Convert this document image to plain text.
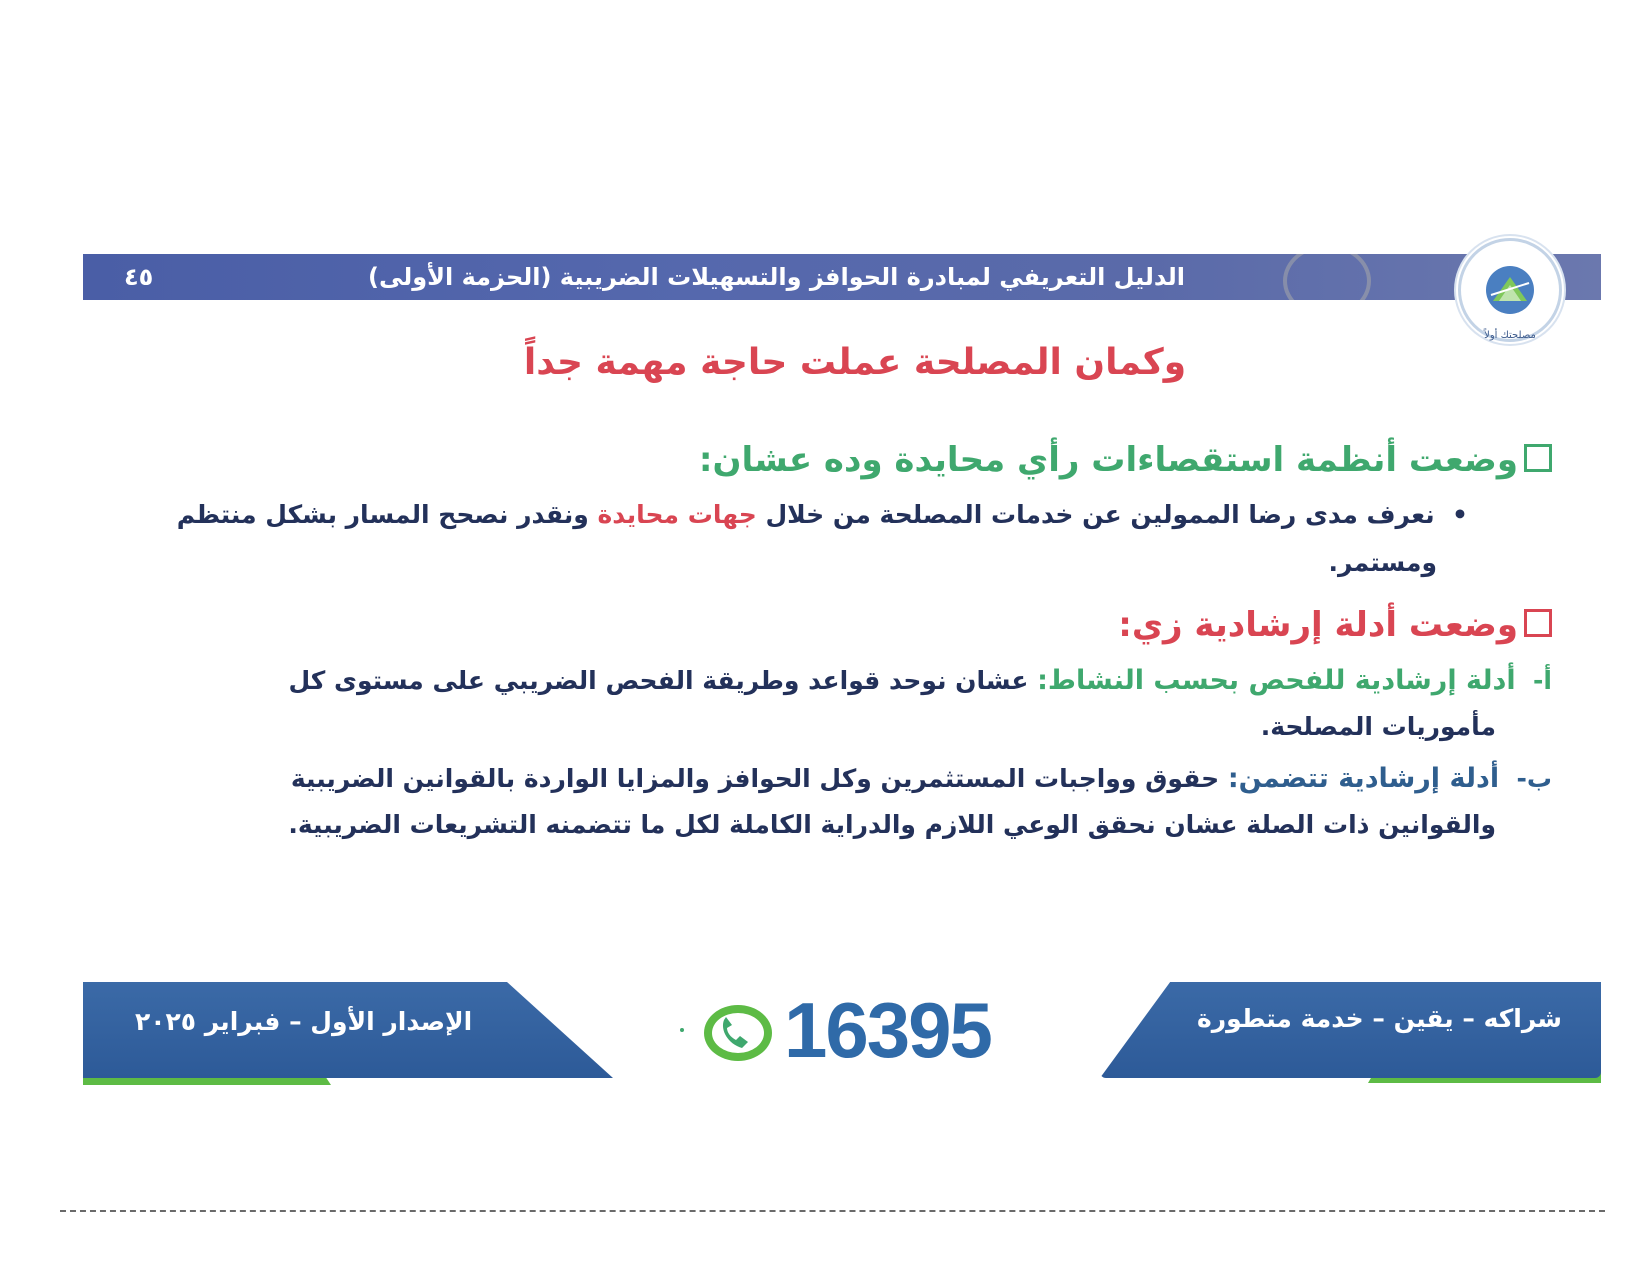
الدليل التعريفي لمبادرة الحوافز والتسهيلات الضريبية (الحزمة الأولى)
٤٥
مصلحتك أولاً
وكمان المصلحة عملت حاجة مهمة جداً
وضعت أنظمة استقصاءات رأي محايدة وده عشان:
•  نعرف مدى رضا الممولين عن خدمات المصلحة من خلال جهات محايدة ونقدر نصحح المسار بشكل منتظم
ومستمر.
وضعت أدلة إرشادية زي:
أ-  أدلة إرشادية للفحص بحسب النشاط: عشان نوحد قواعد وطريقة الفحص الضريبي على مستوى كل
مأموريات المصلحة.
ب-  أدلة إرشادية تتضمن: حقوق وواجبات المستثمرين وكل الحوافز والمزايا الواردة بالقوانين الضريبية
والقوانين ذات الصلة عشان نحقق الوعي اللازم والدراية الكاملة لكل ما تتضمنه التشريعات الضريبية.
شراكه – يقين – خدمة متطورة
الإصدار الأول – فبراير ٢٠٢٥	16395
